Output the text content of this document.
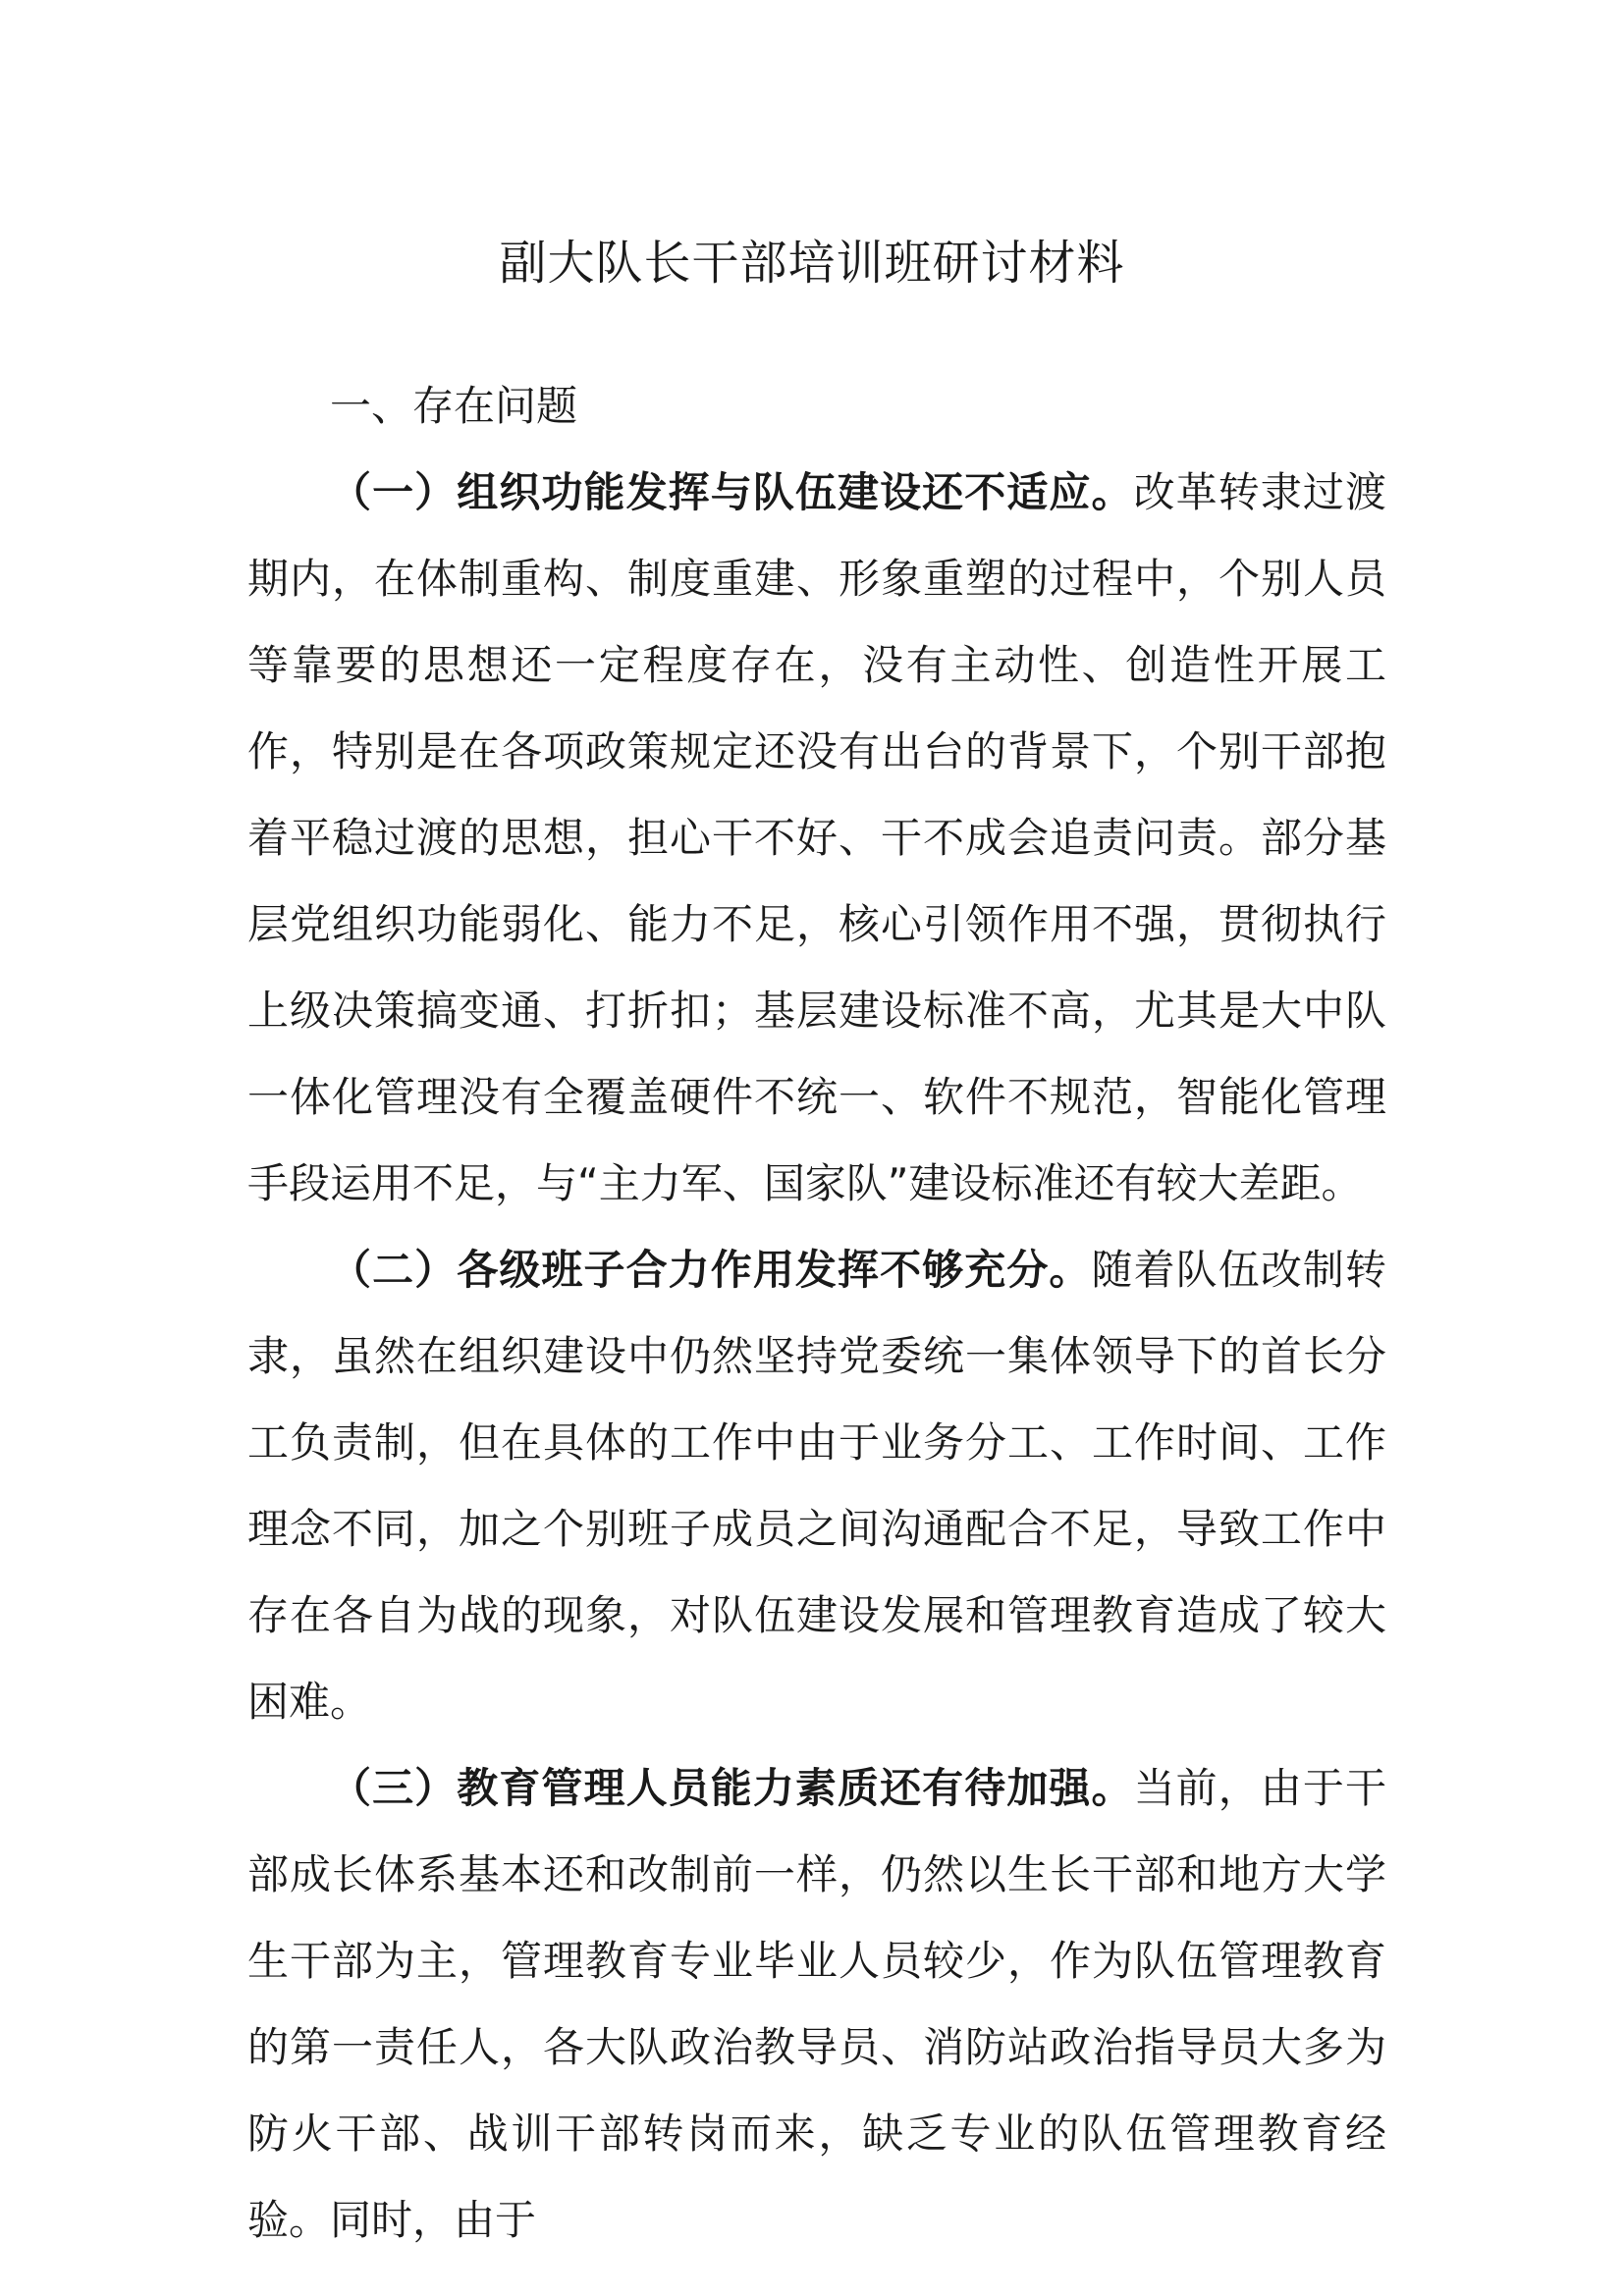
副大队长干部培训班研讨材料

一、存在问题

（一）组织功能发挥与队伍建设还不适应。改革转隶过渡期内，在体制重构、制度重建、形象重塑的过程中，个别人员等靠要的思想还一定程度存在，没有主动性、创造性开展工作，特别是在各项政策规定还没有出台的背景下，个别干部抱着平稳过渡的思想，担心干不好、干不成会追责问责。部分基层党组织功能弱化、能力不足，核心引领作用不强，贯彻执行上级决策搞变通、打折扣；基层建设标准不高，尤其是大中队一体化管理没有全覆盖硬件不统一、软件不规范，智能化管理手段运用不足，与“主力军、国家队”建设标准还有较大差距。

（二）各级班子合力作用发挥不够充分。随着队伍改制转隶，虽然在组织建设中仍然坚持党委统一集体领导下的首长分工负责制，但在具体的工作中由于业务分工、工作时间、工作理念不同，加之个别班子成员之间沟通配合不足，导致工作中存在各自为战的现象，对队伍建设发展和管理教育造成了较大困难。

（三）教育管理人员能力素质还有待加强。当前，由于干部成长体系基本还和改制前一样，仍然以生长干部和地方大学生干部为主，管理教育专业毕业人员较少，作为队伍管理教育的第一责任人，各大队政治教导员、消防站政治指导员大多为防火干部、战训干部转岗而来，缺乏专业的队伍管理教育经验。同时，由于
